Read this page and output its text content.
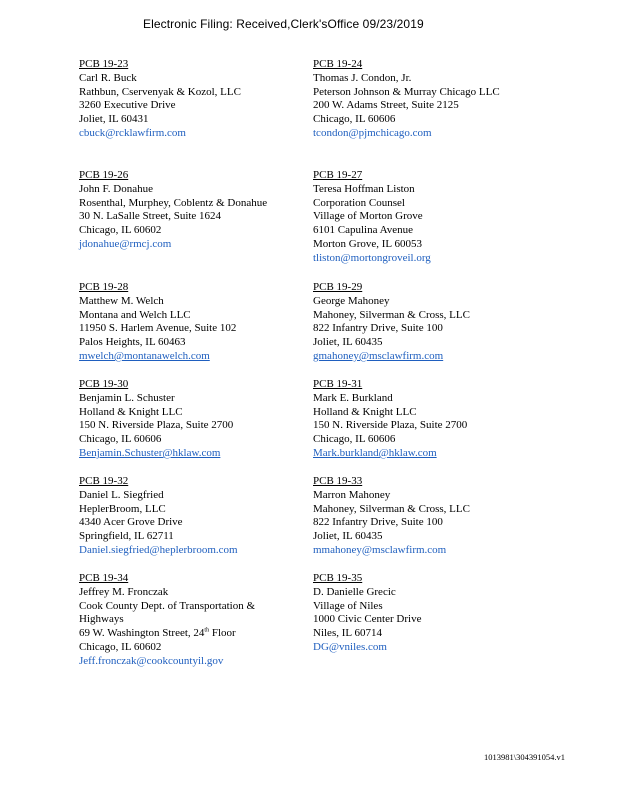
Electronic Filing: Received,Clerk'sOffice 09/23/2019
PCB 19-23
Carl R. Buck
Rathbun, Cservenyak & Kozol, LLC
3260 Executive Drive
Joliet, IL 60431
cbuck@rcklawfirm.com
PCB 19-24
Thomas J. Condon, Jr.
Peterson Johnson & Murray Chicago LLC
200 W. Adams Street, Suite 2125
Chicago, IL 60606
tcondon@pjmchicago.com
PCB 19-26
John F. Donahue
Rosenthal, Murphey, Coblentz & Donahue
30 N. LaSalle Street, Suite 1624
Chicago, IL 60602
jdonahue@rmcj.com
PCB 19-27
Teresa Hoffman Liston
Corporation Counsel
Village of Morton Grove
6101 Capulina Avenue
Morton Grove, IL 60053
tliston@mortongroveil.org
PCB 19-28
Matthew M. Welch
Montana and Welch LLC
11950 S. Harlem Avenue, Suite 102
Palos Heights, IL 60463
mwelch@montanawelch.com
PCB 19-29
George Mahoney
Mahoney, Silverman & Cross, LLC
822 Infantry Drive, Suite 100
Joliet, IL 60435
gmahoney@msclawfirm.com
PCB 19-30
Benjamin L. Schuster
Holland & Knight LLC
150 N. Riverside Plaza, Suite 2700
Chicago, IL 60606
Benjamin.Schuster@hklaw.com
PCB 19-31
Mark E. Burkland
Holland & Knight LLC
150 N. Riverside Plaza, Suite 2700
Chicago, IL 60606
Mark.burkland@hklaw.com
PCB 19-32
Daniel L. Siegfried
HeplerBroom, LLC
4340 Acer Grove Drive
Springfield, IL 62711
Daniel.siegfried@heplerbroom.com
PCB 19-33
Marron Mahoney
Mahoney, Silverman & Cross, LLC
822 Infantry Drive, Suite 100
Joliet, IL 60435
mmahoney@msclawfirm.com
PCB 19-34
Jeffrey M. Fronczak
Cook County Dept. of Transportation &
Highways
69 W. Washington Street, 24th Floor
Chicago, IL 60602
Jeff.fronczak@cookcountyil.gov
PCB 19-35
D. Danielle Grecic
Village of Niles
1000 Civic Center Drive
Niles, IL 60714
DG@vniles.com
1013981\304391054.v1
